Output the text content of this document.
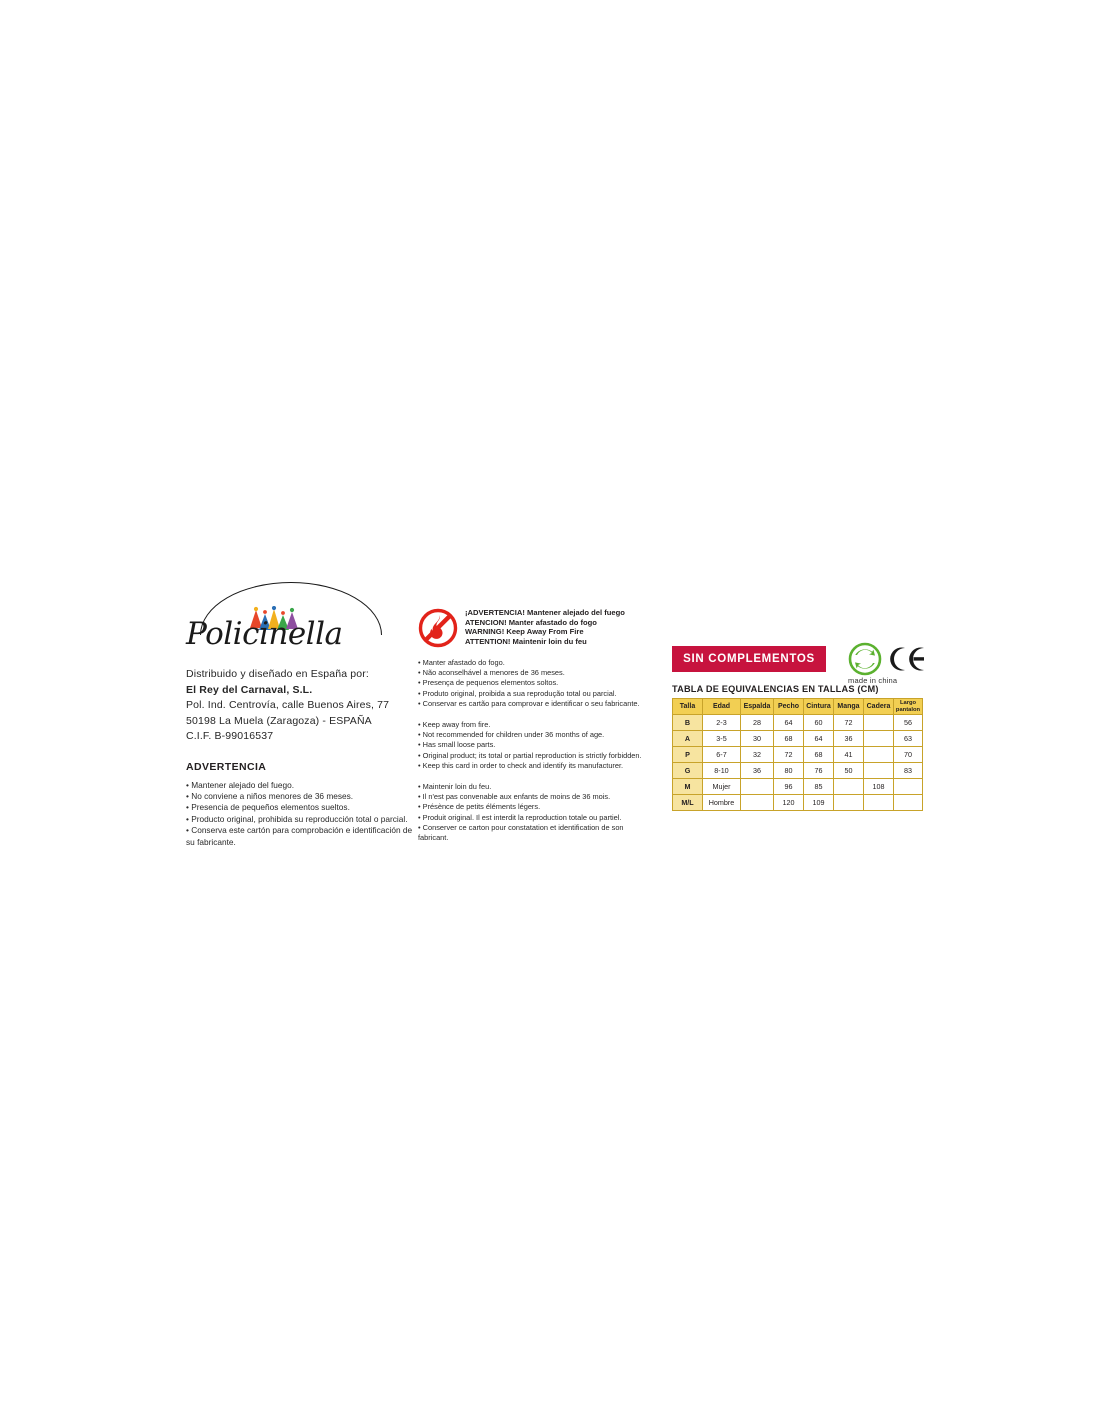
Policinella
Distribuido y diseñado en España por:
El Rey del Carnaval, S.L.
Pol. Ind. Centrovía, calle Buenos Aires, 77
50198 La Muela (Zaragoza) - ESPAÑA
C.I.F. B-99016537
ADVERTENCIA
• Mantener alejado del fuego.
• No conviene a niños menores de 36 meses.
• Presencia de pequeños elementos sueltos.
• Producto original, prohibida su reproducción total o parcial.
• Conserva este cartón para comprobación e identificación de su fabricante.
¡ADVERTENCIA! Mantener alejado del fuego
ATENCION! Manter afastado do fogo
WARNING! Keep Away From Fire
ATTENTION! Maintenir loin du feu
• Manter afastado do fogo.
• Não aconselhável a menores de 36 meses.
• Presença de pequenos elementos soltos.
• Produto original, proibida a sua reprodução total ou parcial.
• Conservar es cartão para comprovar e identificar o seu fabricante.
• Keep away from fire.
• Not recommended for children under 36 months of age.
• Has small loose parts.
• Original product; its total or partial reproduction is strictly forbidden.
• Keep this card in order to check and identify its manufacturer.
• Maintenir loin du feu.
• Il n'est pas convenable aux enfants de moins de 36 mois.
• Présènce de petits éléments légers.
• Produit original. Il est interdit la reproduction totale ou partiel.
• Conserver ce carton pour constatation et identification de son fabricant.
SIN COMPLEMENTOS
made in china
TABLA DE EQUIVALENCIAS EN TALLAS (CM)
Talla	Edad	Espalda	Pecho	Cintura	Manga	Cadera	Largo pantalon
B	2-3	28	64	60	72		56
A	3-5	30	68	64	36		63
P	6-7	32	72	68	41		70
G	8-10	36	80	76	50		83
M	Mujer		96	85		108	
M/L	Hombre		120	109			
